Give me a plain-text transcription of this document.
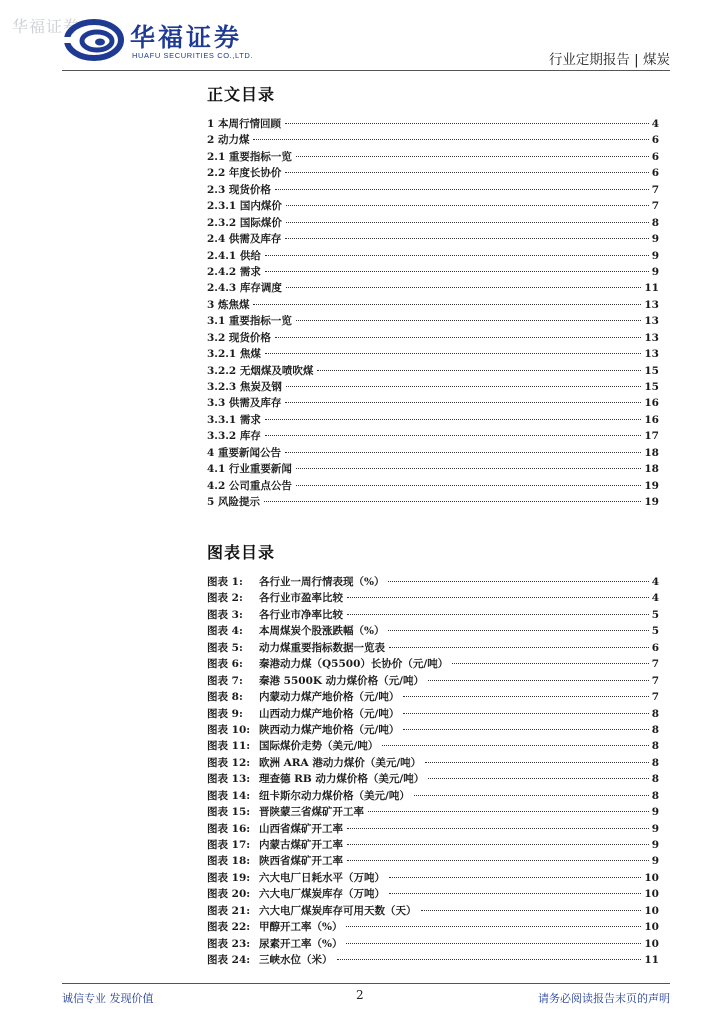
华福证券 华福证券
HUAFU SECURITIES CO.,LTD.	行业定期报告 | 煤炭
正文目录
1 本周行情回顾	4
2 动力煤	6
2.1 重要指标一览	6
2.2 年度长协价	6
2.3 现货价格	7
2.3.1 国内煤价	7
2.3.2 国际煤价	8
2.4 供需及库存	9
2.4.1 供给	9
2.4.2 需求	9
2.4.3 库存调度	11
3 炼焦煤	13
3.1 重要指标一览	13
3.2 现货价格	13
3.2.1 焦煤	13
3.2.2 无烟煤及喷吹煤	15
3.2.3 焦炭及钢	15
3.3 供需及库存	16
3.3.1 需求	16
3.3.2 库存	17
4 重要新闻公告	18
4.1 行业重要新闻	18
4.2 公司重点公告	19
5 风险提示	19
图表目录
图表 1: 各行业一周行情表现（%）	4
图表 2: 各行业市盈率比较	4
图表 3: 各行业市净率比较	5
图表 4: 本周煤炭个股涨跌幅（%）	5
图表 5: 动力煤重要指标数据一览表	6
图表 6: 秦港动力煤（Q5500）长协价（元/吨）	7
图表 7: 秦港 5500K 动力煤价格（元/吨）	7
图表 8: 内蒙动力煤产地价格（元/吨）	7
图表 9: 山西动力煤产地价格（元/吨）	8
图表 10: 陕西动力煤产地价格（元/吨）	8
图表 11: 国际煤价走势（美元/吨）	8
图表 12: 欧洲 ARA 港动力煤价（美元/吨）	8
图表 13: 理查德 RB 动力煤价格（美元/吨）	8
图表 14: 纽卡斯尔动力煤价格（美元/吨）	8
图表 15: 晋陕蒙三省煤矿开工率	9
图表 16: 山西省煤矿开工率	9
图表 17: 内蒙古煤矿开工率	9
图表 18: 陕西省煤矿开工率	9
图表 19: 六大电厂日耗水平（万吨）	10
图表 20: 六大电厂煤炭库存（万吨）	10
图表 21: 六大电厂煤炭库存可用天数（天）	10
图表 22: 甲醇开工率（%）	10
图表 23: 尿素开工率（%）	10
图表 24: 三峡水位（米）	11
诚信专业 发现价值	2	请务必阅读报告末页的声明
